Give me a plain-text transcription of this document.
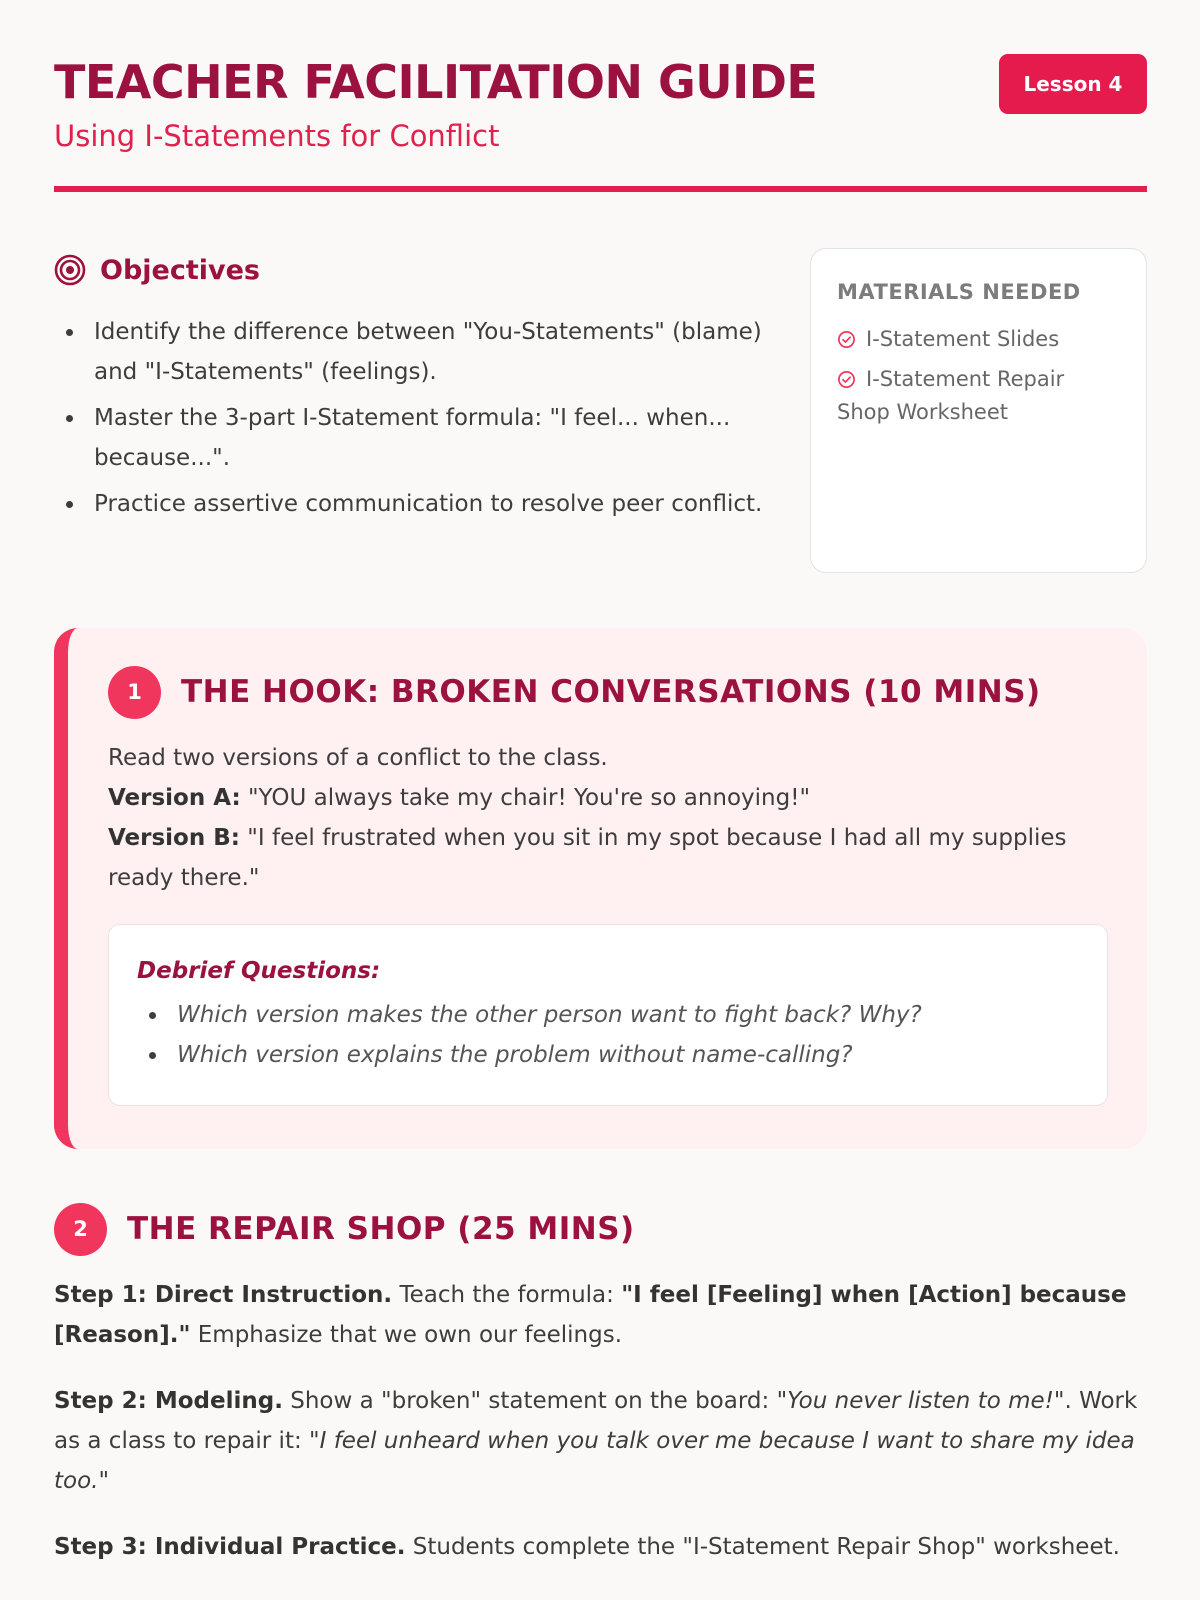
TEACHER FACILITATION GUIDE
Using I-Statements for Conflict
Lesson 4
Objectives
Identify the difference between "You-Statements" (blame) and "I-Statements" (feelings).
Master the 3-part I-Statement formula: "I feel... when... because...".
Practice assertive communication to resolve peer conflict.
MATERIALS NEEDED
I-Statement Slides
I-Statement Repair Shop Worksheet
1	THE HOOK: BROKEN CONVERSATIONS (10 MINS)
Read two versions of a conflict to the class.
Version A: "YOU always take my chair! You're so annoying!"
Version B: "I feel frustrated when you sit in my spot because I had all my supplies ready there."
Debrief Questions:
Which version makes the other person want to fight back? Why?
Which version explains the problem without name-calling?
2	THE REPAIR SHOP (25 MINS)

Step 1: Direct Instruction. Teach the formula: "I feel [Feeling] when [Action] because [Reason]." Emphasize that we own our feelings.

Step 2: Modeling. Show a "broken" statement on the board: "You never listen to me!". Work as a class to repair it: "I feel unheard when you talk over me because I want to share my idea too."

Step 3: Individual Practice. Students complete the "I-Statement Repair Shop" worksheet.
